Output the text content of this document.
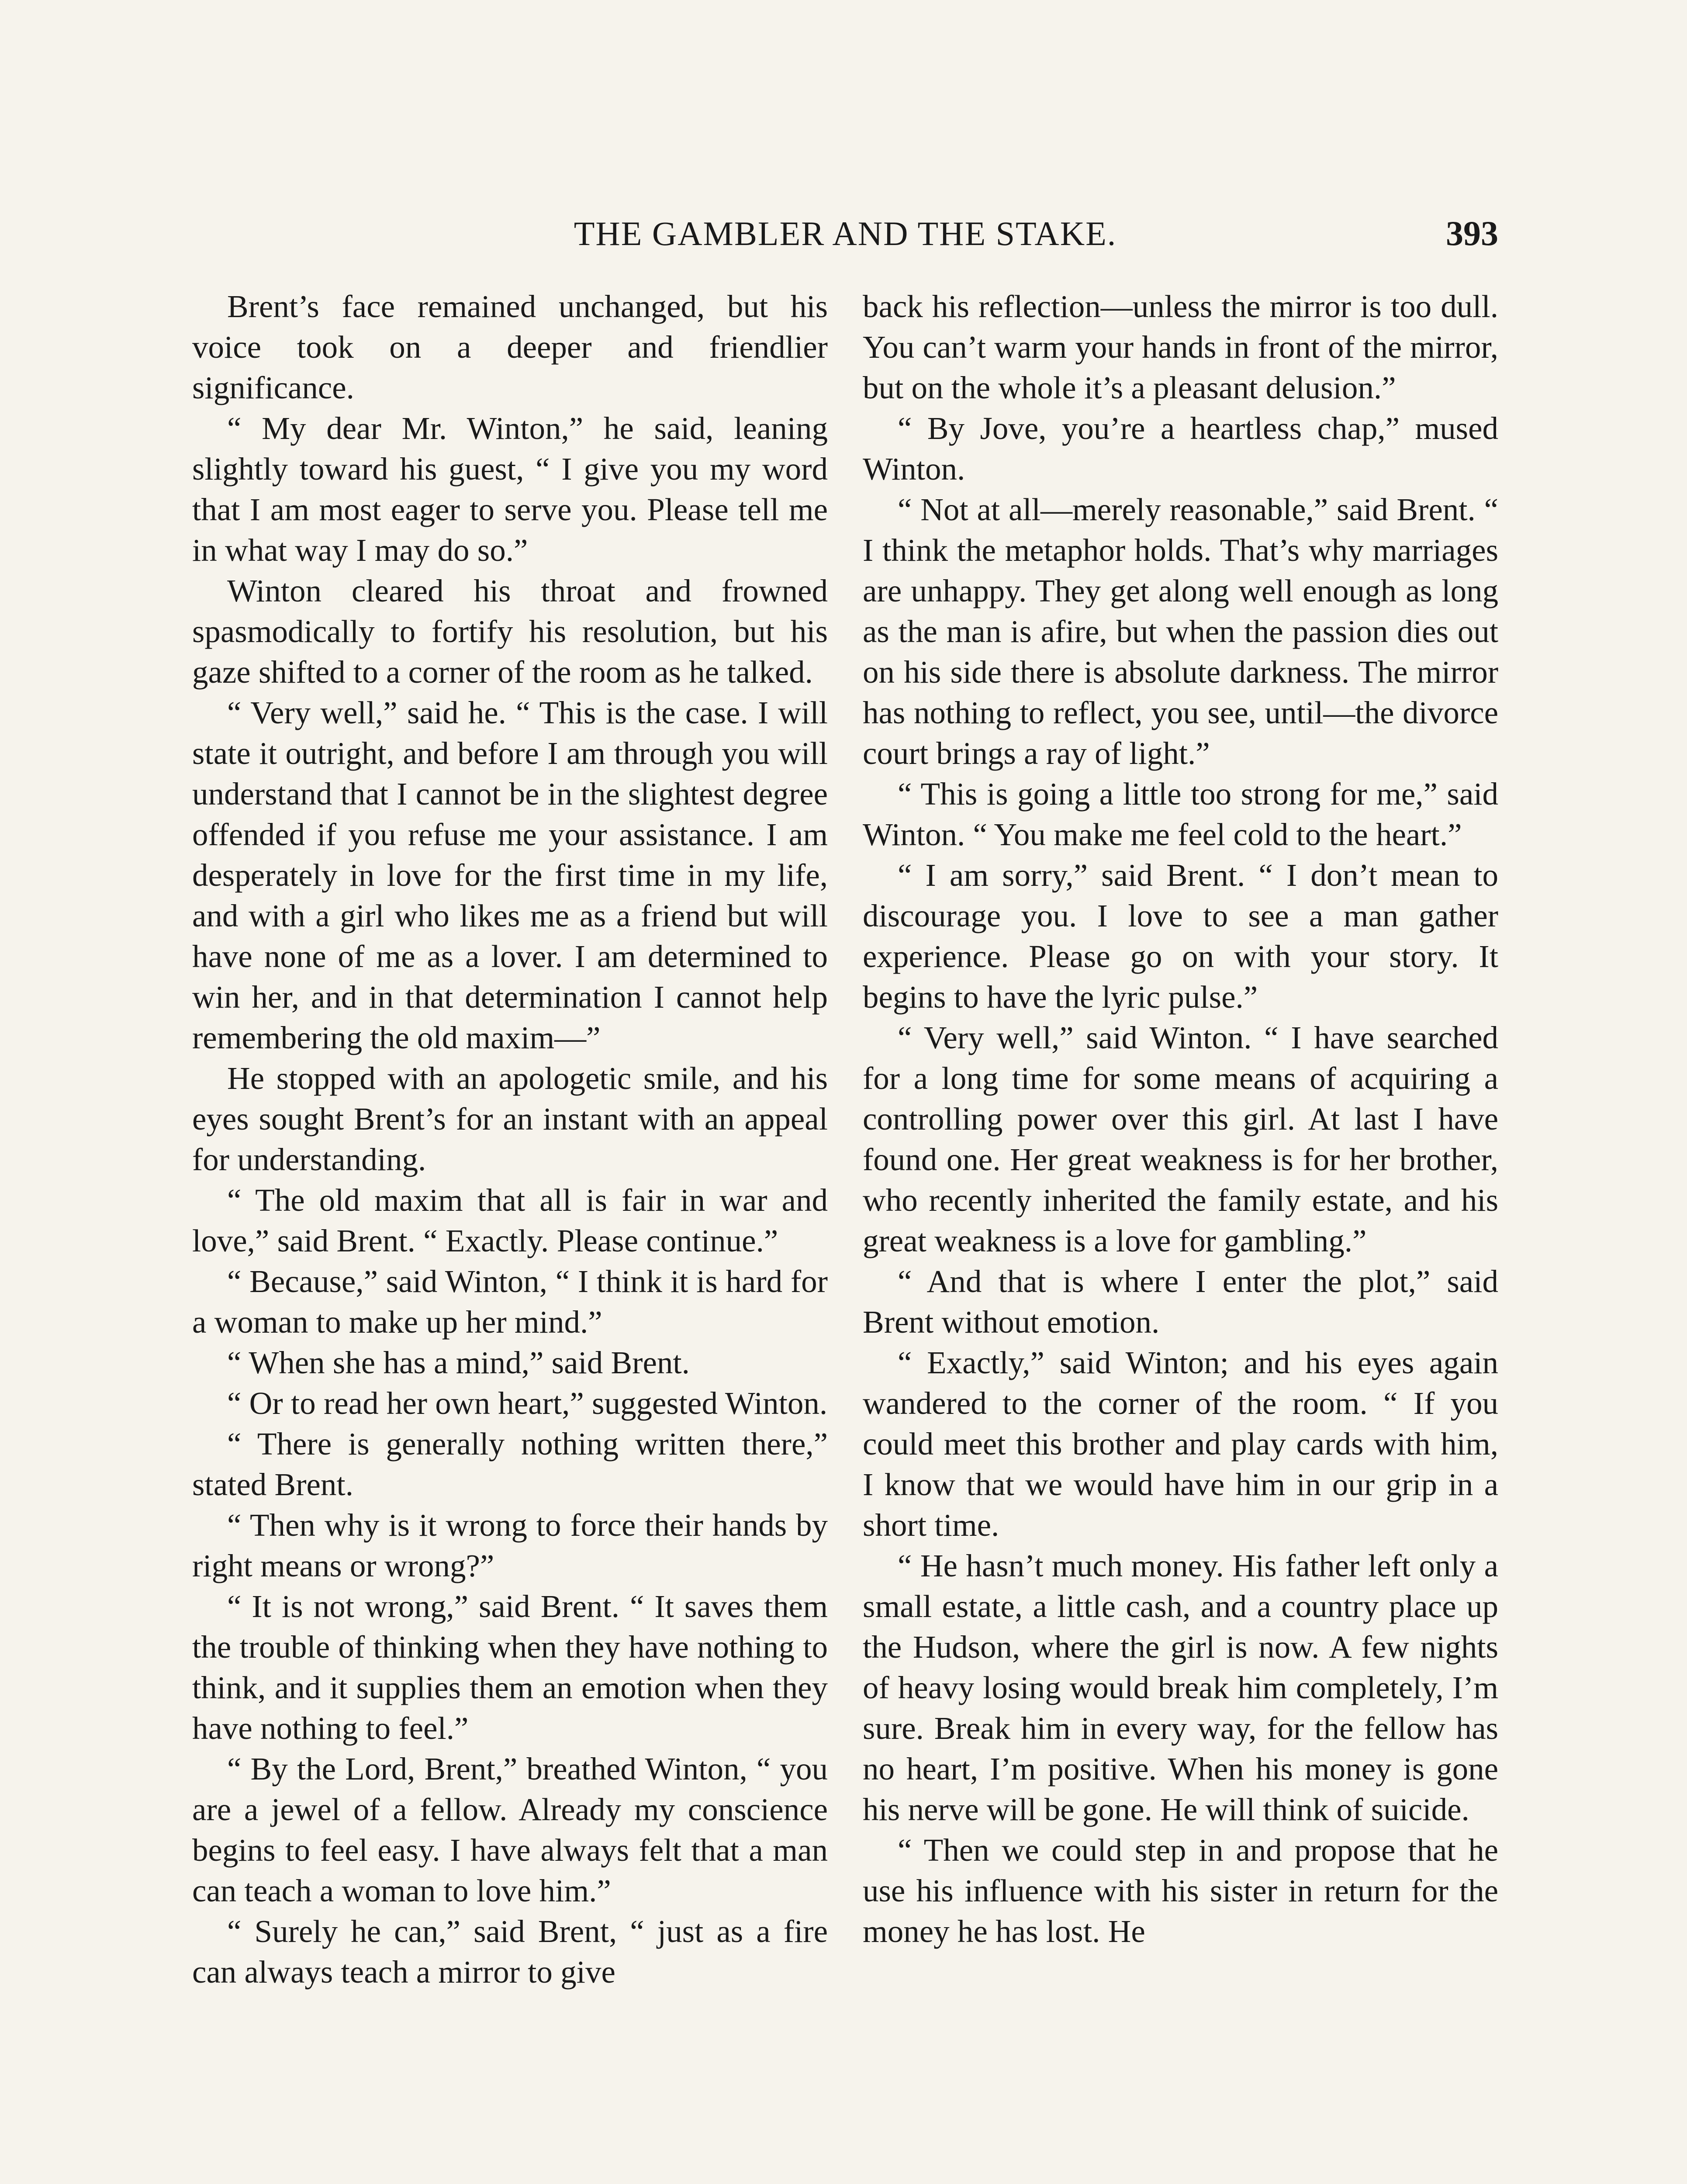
THE GAMBLER AND THE STAKE.	393

Brent’s face remained unchanged, but his voice took on a deeper and friendlier significance.

“ My dear Mr. Winton,” he said, leaning slightly toward his guest, “ I give you my word that I am most eager to serve you. Please tell me in what way I may do so.”

Winton cleared his throat and frowned spasmodically to fortify his resolution, but his gaze shifted to a corner of the room as he talked.

“ Very well,” said he. “ This is the case. I will state it outright, and before I am through you will understand that I cannot be in the slightest degree offended if you refuse me your assistance. I am desperately in love for the first time in my life, and with a girl who likes me as a friend but will have none of me as a lover. I am determined to win her, and in that determination I cannot help remembering the old maxim—”

He stopped with an apologetic smile, and his eyes sought Brent’s for an instant with an appeal for understanding.

“ The old maxim that all is fair in war and love,” said Brent. “ Exactly. Please continue.”

“ Because,” said Winton, “ I think it is hard for a woman to make up her mind.”

“ When she has a mind,” said Brent.

“ Or to read her own heart,” suggested Winton.

“ There is generally nothing written there,” stated Brent.

“ Then why is it wrong to force their hands by right means or wrong?”

“ It is not wrong,” said Brent. “ It saves them the trouble of thinking when they have nothing to think, and it supplies them an emotion when they have nothing to feel.”

“ By the Lord, Brent,” breathed Winton, “ you are a jewel of a fellow. Already my conscience begins to feel easy. I have always felt that a man can teach a woman to love him.”

“ Surely he can,” said Brent, “ just as a fire can always teach a mirror to give

back his reflection—unless the mirror is too dull. You can’t warm your hands in front of the mirror, but on the whole it’s a pleasant delusion.”

“ By Jove, you’re a heartless chap,” mused Winton.

“ Not at all—merely reasonable,” said Brent. “ I think the metaphor holds. That’s why marriages are unhappy. They get along well enough as long as the man is afire, but when the passion dies out on his side there is absolute darkness. The mirror has nothing to reflect, you see, until—the divorce court brings a ray of light.”

“ This is going a little too strong for me,” said Winton. “ You make me feel cold to the heart.”

“ I am sorry,” said Brent. “ I don’t mean to discourage you. I love to see a man gather experience. Please go on with your story. It begins to have the lyric pulse.”

“ Very well,” said Winton. “ I have searched for a long time for some means of acquiring a controlling power over this girl. At last I have found one. Her great weakness is for her brother, who recently inherited the family estate, and his great weakness is a love for gambling.”

“ And that is where I enter the plot,” said Brent without emotion.

“ Exactly,” said Winton; and his eyes again wandered to the corner of the room. “ If you could meet this brother and play cards with him, I know that we would have him in our grip in a short time.

“ He hasn’t much money. His father left only a small estate, a little cash, and a country place up the Hudson, where the girl is now. A few nights of heavy losing would break him completely, I’m sure. Break him in every way, for the fellow has no heart, I’m positive. When his money is gone his nerve will be gone. He will think of suicide.

“ Then we could step in and propose that he use his influence with his sister in return for the money he has lost. He
